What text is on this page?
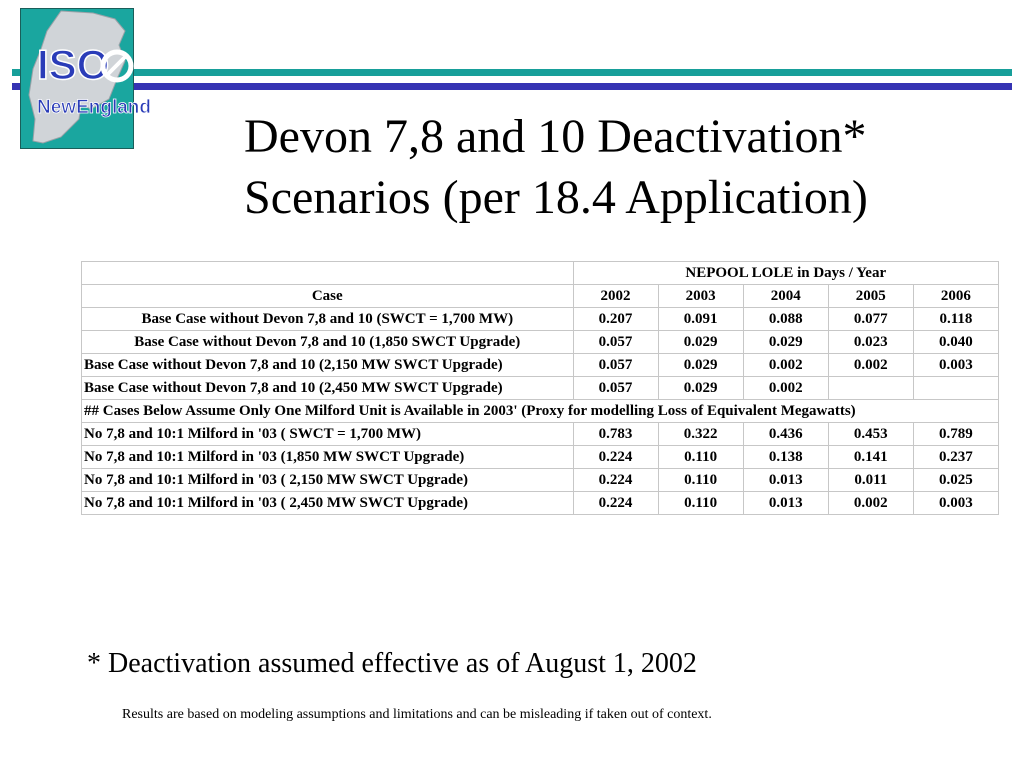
ISO
NewEngland
Devon 7,8 and 10 Deactivation*
Scenarios (per 18.4 Application)
	NEPOOL LOLE in Days / Year				
Case	2002	2003	2004	2005	2006
Base Case without Devon 7,8 and 10 (SWCT = 1,700 MW)	0.207	0.091	0.088	0.077	0.118
Base Case without Devon 7,8 and 10 (1,850 SWCT Upgrade)	0.057	0.029	0.029	0.023	0.040
Base Case without Devon 7,8 and 10 (2,150 MW SWCT Upgrade)	0.057	0.029	0.002	0.002	0.003
Base Case without Devon 7,8 and 10 (2,450 MW SWCT Upgrade)	0.057	0.029	0.002		
## Cases Below Assume Only One Milford Unit is Available in 2003' (Proxy for modelling Loss of Equivalent Megawatts)					
No 7,8 and 10:1 Milford in '03 ( SWCT = 1,700 MW)	0.783	0.322	0.436	0.453	0.789
No 7,8 and 10:1 Milford in '03 (1,850 MW SWCT Upgrade)	0.224	0.110	0.138	0.141	0.237
No 7,8 and 10:1 Milford in '03 ( 2,150 MW SWCT Upgrade)	0.224	0.110	0.013	0.011	0.025
No 7,8 and 10:1 Milford in '03 ( 2,450 MW SWCT Upgrade)	0.224	0.110	0.013	0.002	0.003
* Deactivation assumed effective as of August 1, 2002
Results are based on modeling assumptions and limitations and can be misleading if taken out of context.
